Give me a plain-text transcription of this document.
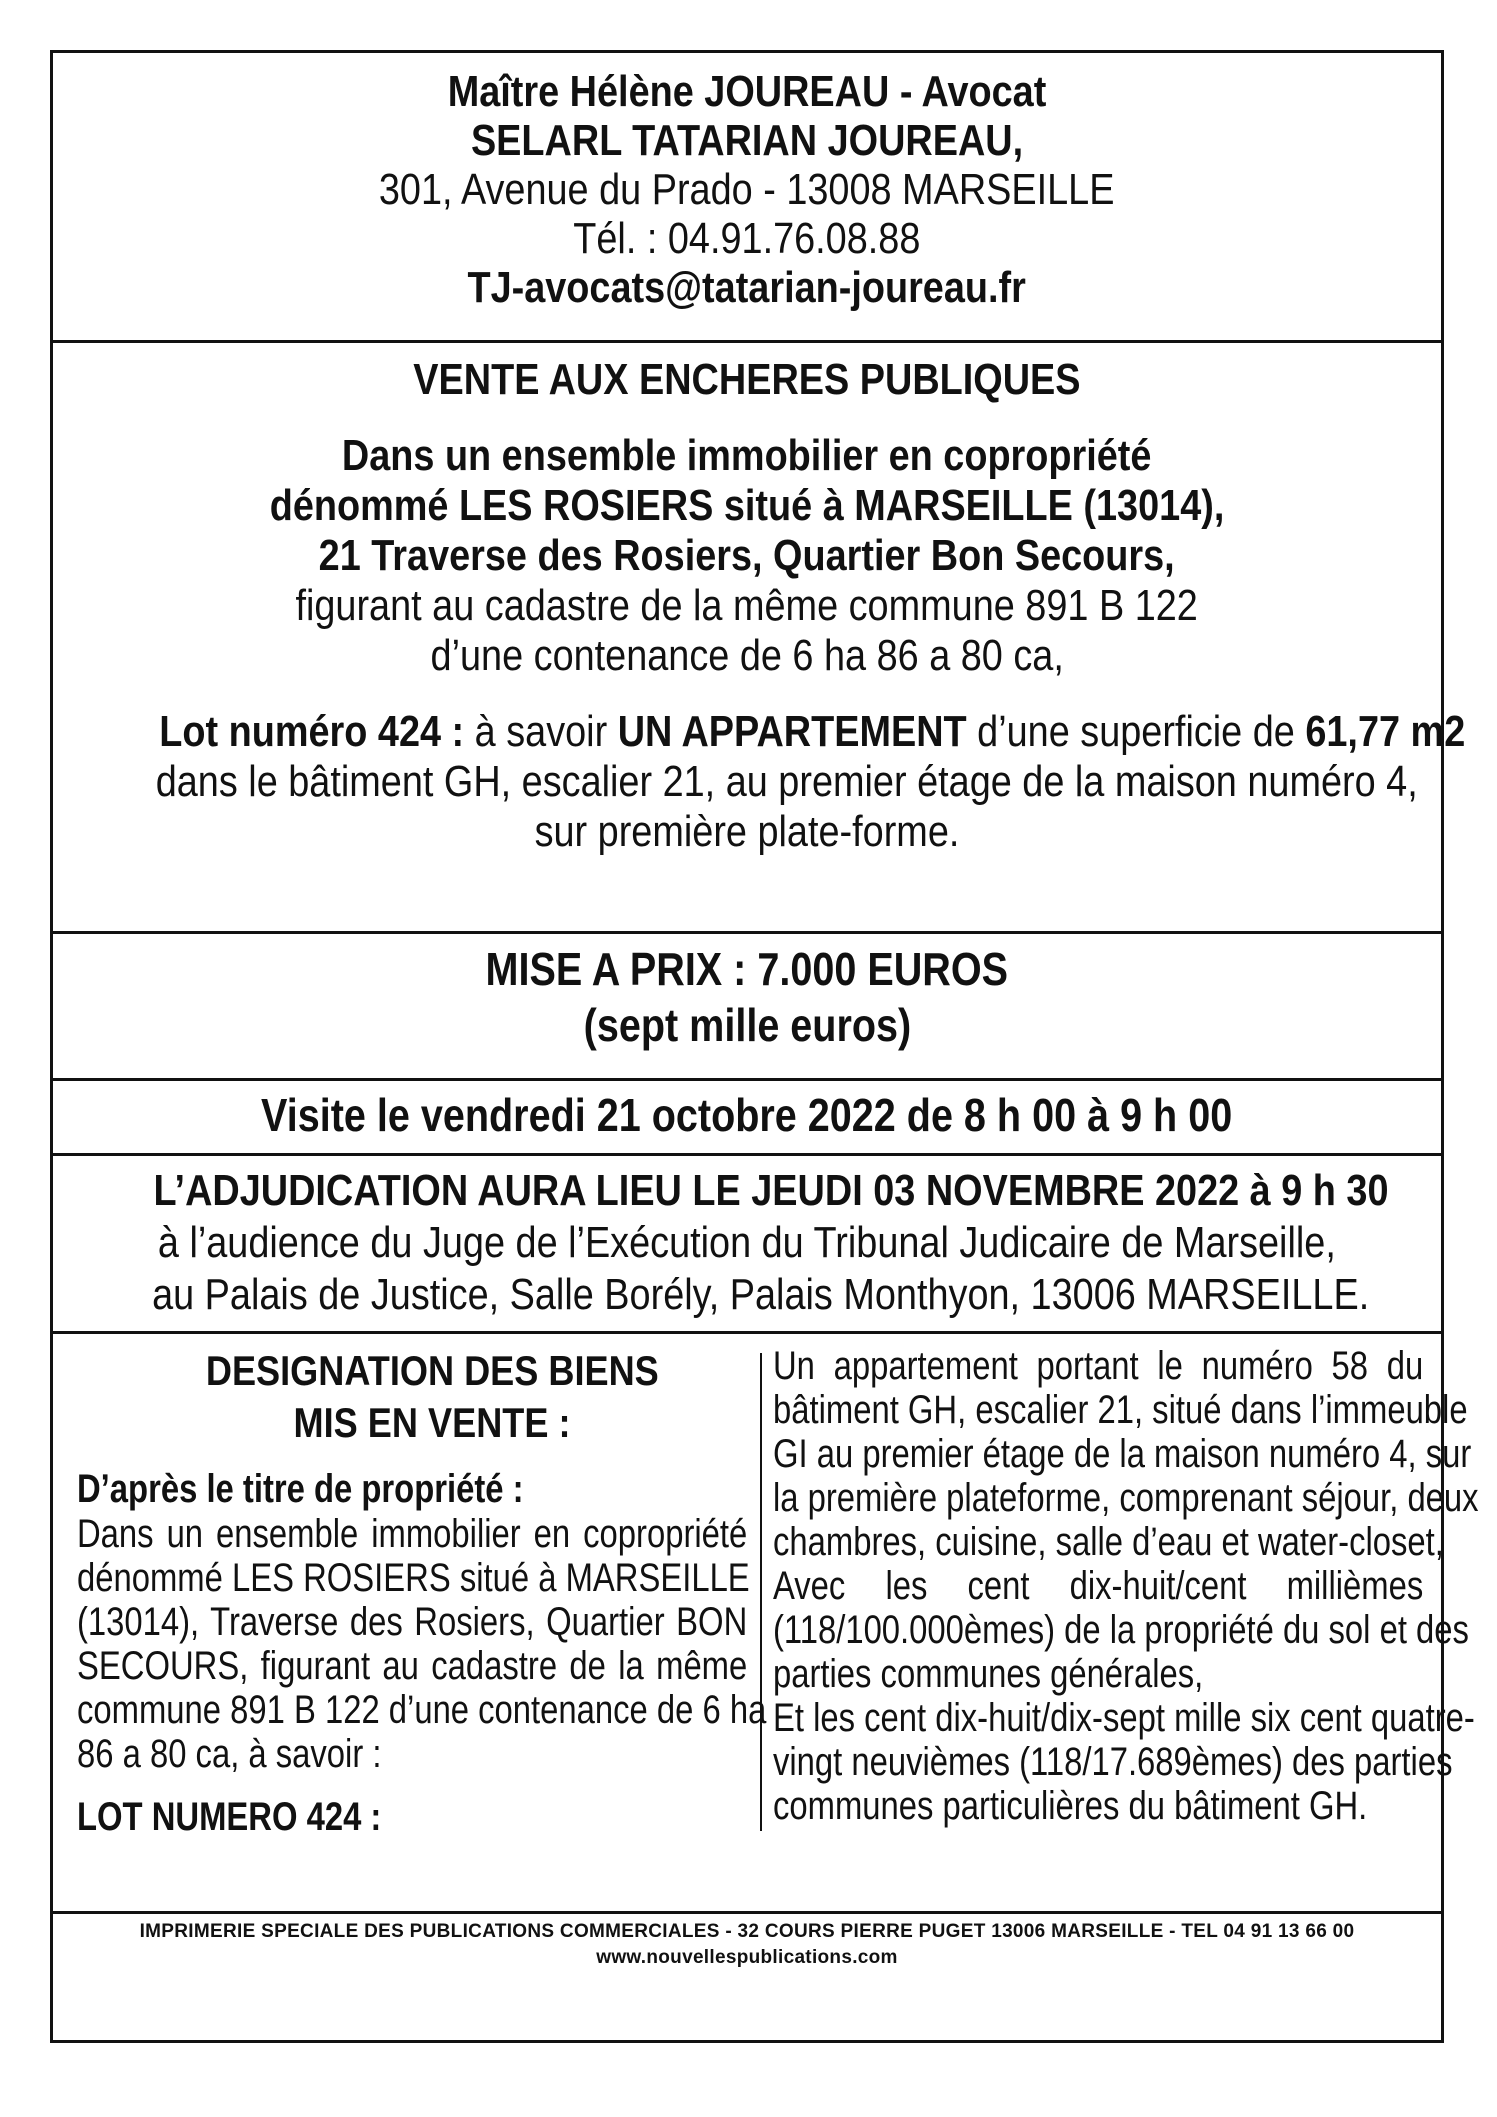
Maître Hélène JOUREAU - Avocat
SELARL TATARIAN JOUREAU,
301, Avenue du Prado - 13008 MARSEILLE
Tél. : 04.91.76.08.88
TJ-avocats@tatarian-joureau.fr
VENTE AUX ENCHERES PUBLIQUES
Dans un ensemble immobilier en copropriété
dénommé LES ROSIERS situé à MARSEILLE (13014),
21 Traverse des Rosiers, Quartier Bon Secours,
figurant au cadastre de la même commune 891 B 122
d’une contenance de 6 ha 86 a 80 ca,
Lot numéro 424 : à savoir UN APPARTEMENT d’une superficie de 61,77 m2
dans le bâtiment GH, escalier 21, au premier étage de la maison numéro 4,
sur première plate-forme.
MISE A PRIX : 7.000 EUROS
(sept mille euros)
Visite le vendredi 21 octobre 2022 de 8 h 00 à 9 h 00
L’ADJUDICATION AURA LIEU LE JEUDI 03 NOVEMBRE 2022 à 9 h 30
à l’audience du Juge de l’Exécution du Tribunal Judicaire de Marseille,
au Palais de Justice, Salle Borély, Palais Monthyon, 13006 MARSEILLE.
DESIGNATION DES BIENS
MIS EN VENTE :
D’après le titre de propriété :
Dans un ensemble immobilier en copropriété
dénommé LES ROSIERS situé à MARSEILLE
(13014), Traverse des Rosiers, Quartier BON
SECOURS, figurant au cadastre de la même
commune 891 B 122 d’une contenance de 6 ha
86 a 80 ca, à savoir :
LOT NUMERO 424 :
Un appartement portant le numéro 58 du
bâtiment GH, escalier 21, situé dans l’immeuble
GI au premier étage de la maison numéro 4, sur
la première plateforme, comprenant séjour, deux
chambres, cuisine, salle d’eau et water-closet,
Avec les cent dix-huit/cent millièmes
(118/100.000èmes) de la propriété du sol et des
parties communes générales,
Et les cent dix-huit/dix-sept mille six cent quatre-
vingt neuvièmes (118/17.689èmes) des parties
communes particulières du bâtiment GH.
IMPRIMERIE SPECIALE DES PUBLICATIONS COMMERCIALES - 32 COURS PIERRE PUGET 13006 MARSEILLE - TEL 04 91 13 66 00
www.nouvellespublications.com
